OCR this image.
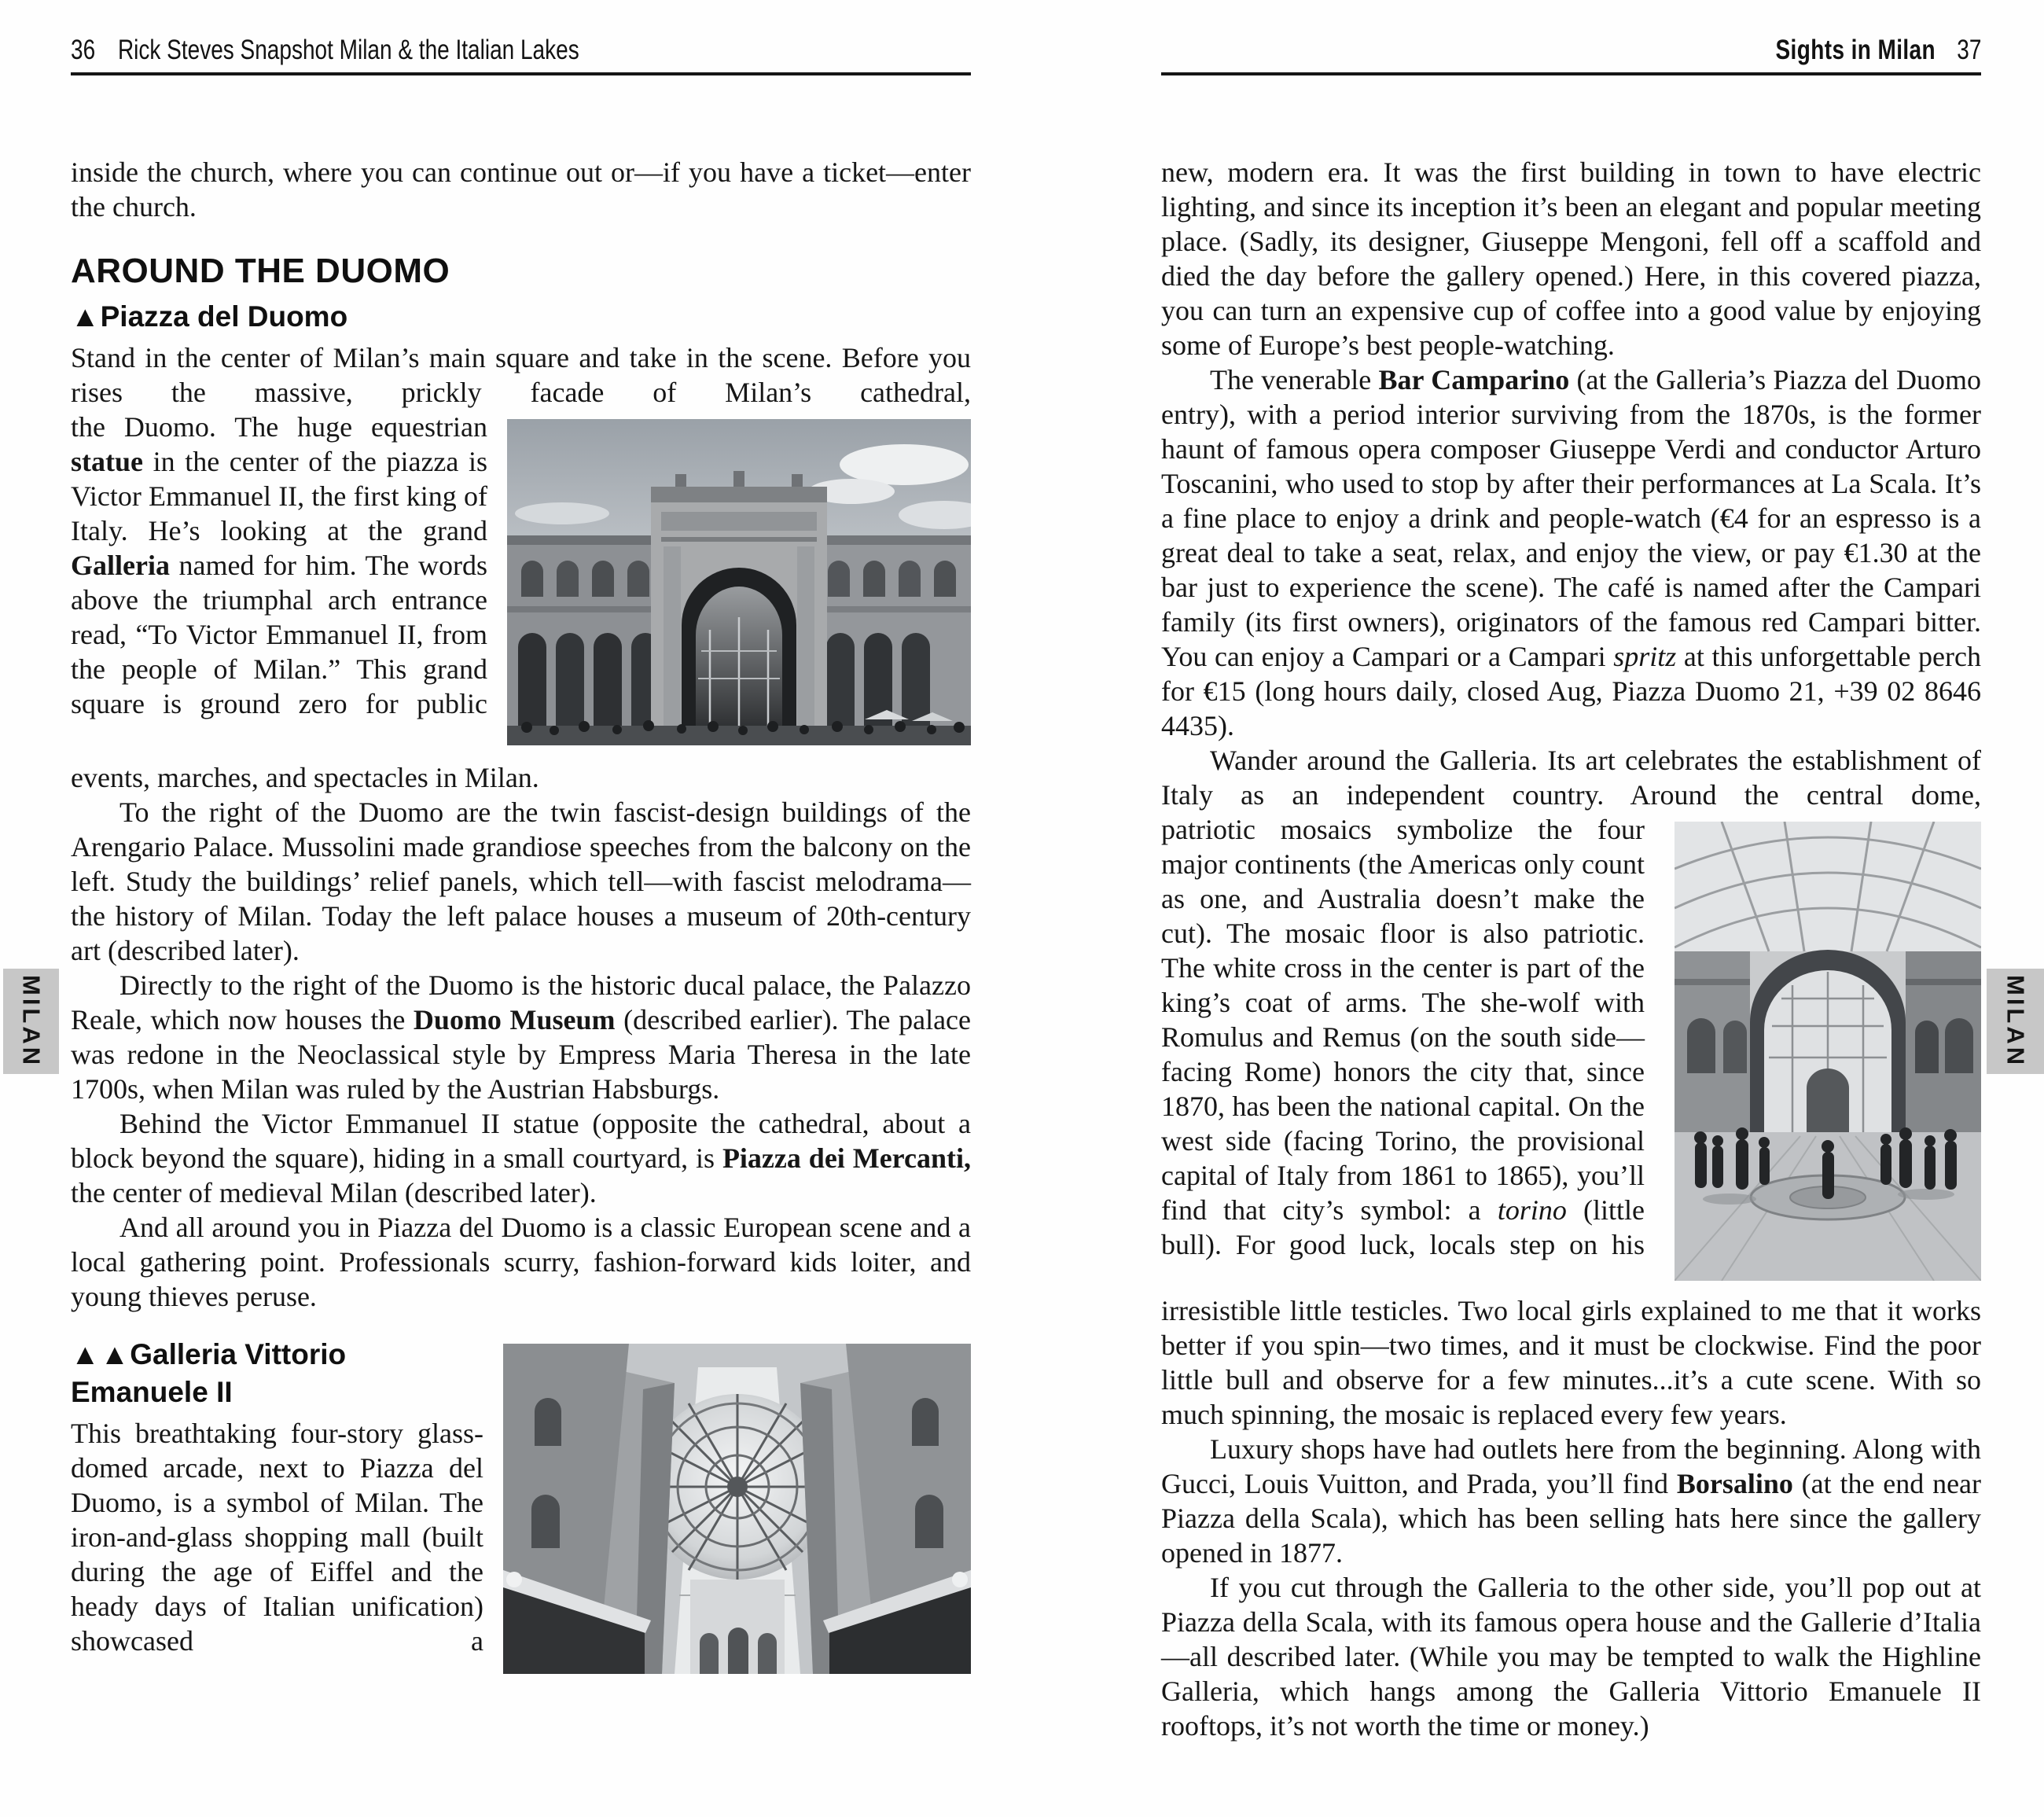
36 Rick Steves Snapshot Milan & the Italian Lakes

inside the church, where you can continue out or—if you have a ticket—enter the church.

AROUND THE DUOMO
▲Piazza del Duomo

Stand in the center of Milan’s main square and take in the scene. Before you rises the massive, prickly facade of Milan’s cathedral,

the Duomo. The huge equestrian statue in the center of the piazza is Victor Emmanuel II, the first king of Italy. He’s looking at the grand Galleria named for him. The words above the triumphal arch entrance read, “To Victor Emmanuel II, from the people of Milan.” This grand square is ground zero for public

events, marches, and spectacles in Milan.

To the right of the Duomo are the twin fascist-design buildings of the Arengario Palace. Mussolini made grandiose speeches from the balcony on the left. Study the buildings’ relief panels, which tell—with fascist melodrama—the history of Milan. Today the left palace houses a museum of 20th-century art (described later).

Directly to the right of the Duomo is the historic ducal palace, the Palazzo Reale, which now houses the Duomo Museum (described earlier). The palace was redone in the Neoclassical style by Empress Maria Theresa in the late 1700s, when Milan was ruled by the Austrian Habsburgs.

Behind the Victor Emmanuel II statue (opposite the cathedral, about a block beyond the square), hiding in a small courtyard, is Piazza dei Mercanti, the center of medieval Milan (described later).

And all around you in Piazza del Duomo is a classic European scene and a local gathering point. Professionals scurry, fashion-forward kids loiter, and young thieves peruse.

▲▲Galleria Vittorio Emanuele II

This breathtaking four-story glass-domed arcade, next to Piazza del Duomo, is a symbol of Milan. The iron-and-glass shopping mall (built during the age of Eiffel and the heady days of Italian unification) showcased a

Sights in Milan 37

new, modern era. It was the first building in town to have electric lighting, and since its inception it’s been an elegant and popular meeting place. (Sadly, its designer, Giuseppe Mengoni, fell off a scaffold and died the day before the gallery opened.) Here, in this covered piazza, you can turn an expensive cup of coffee into a good value by enjoying some of Europe’s best people-watching.

The venerable Bar Camparino (at the Galleria’s Piazza del Duomo entry), with a period interior surviving from the 1870s, is the former haunt of famous opera composer Giuseppe Verdi and conductor Arturo Toscanini, who used to stop by after their performances at La Scala. It’s a fine place to enjoy a drink and people-watch (€4 for an espresso is a great deal to take a seat, relax, and enjoy the view, or pay €1.30 at the bar just to experience the scene). The café is named after the Campari family (its first owners), originators of the famous red Campari bitter. You can enjoy a Campari or a Campari spritz at this unforgettable perch for €15 (long hours daily, closed Aug, Piazza Duomo 21, +39 02 8646 4435).

Wander around the Galleria. Its art celebrates the establishment of Italy as an independent country. Around the central dome,

patriotic mosaics symbolize the four major continents (the Americas only count as one, and Australia doesn’t make the cut). The mosaic floor is also patriotic. The white cross in the center is part of the king’s coat of arms. The she-wolf with Romulus and Remus (on the south side—facing Rome) honors the city that, since 1870, has been the national capital. On the west side (facing Torino, the provisional capital of Italy from 1861 to 1865), you’ll find that city’s symbol: a torino (little bull). For good luck, locals step on his

irresistible little testicles. Two local girls explained to me that it works better if you spin—two times, and it must be clockwise. Find the poor little bull and observe for a few minutes...it’s a cute scene. With so much spinning, the mosaic is replaced every few years.

Luxury shops have had outlets here from the beginning. Along with Gucci, Louis Vuitton, and Prada, you’ll find Borsalino (at the end near Piazza della Scala), which has been selling hats here since the gallery opened in 1877.

If you cut through the Galleria to the other side, you’ll pop out at Piazza della Scala, with its famous opera house and the Gallerie d’Italia—all described later. (While you may be tempted to walk the Highline Galleria, which hangs among the Galleria Vittorio Emanuele II rooftops, it’s not worth the time or money.)

MILAN	MILAN
